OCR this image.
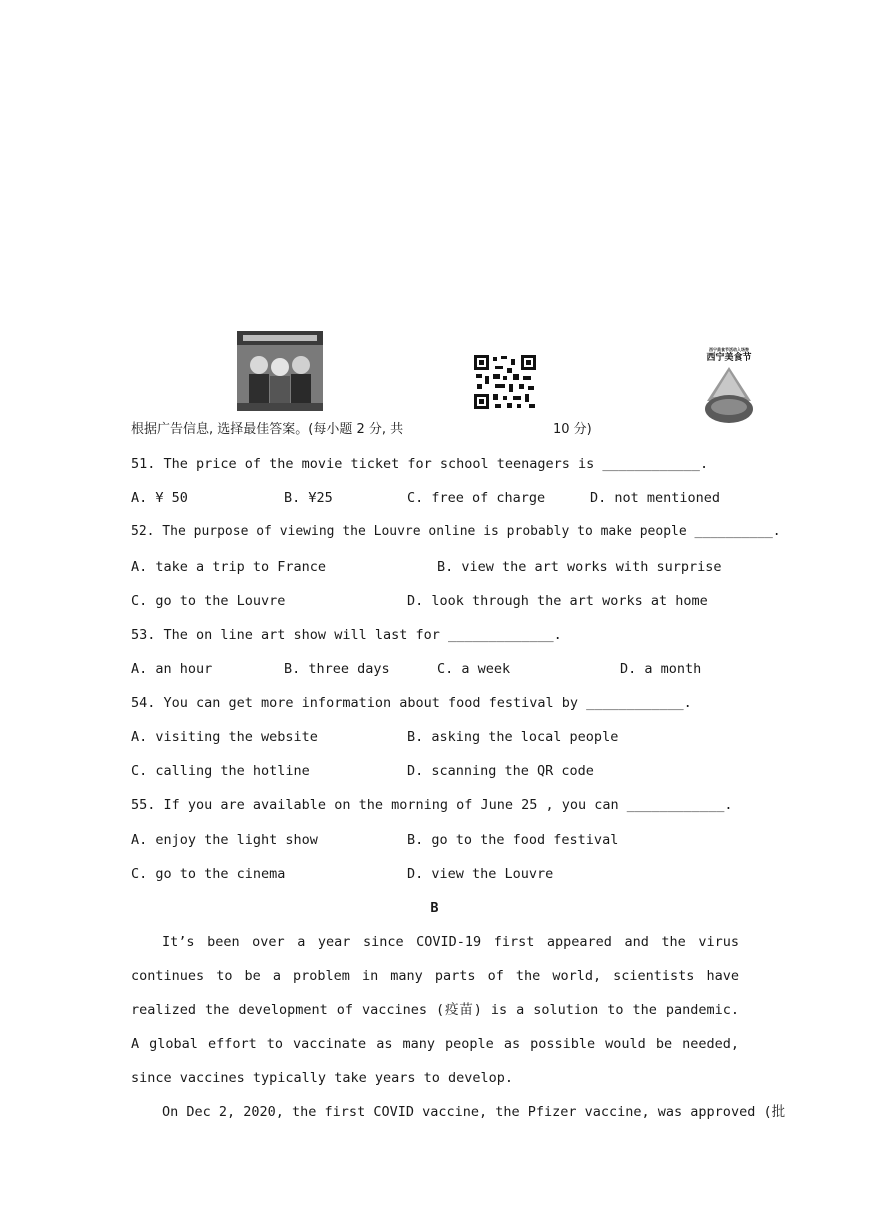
西宁美食节活动入场券
西宁美食节
根据广告信息, 选择最佳答案。(每小题 2 分, 共	10 分)
51. The price of the movie ticket for school teenagers is ____________.
A. ¥ 50	B. ¥25	C. free of charge	D. not mentioned
52. The purpose of viewing the Louvre online is probably to make people __________.
A. take a trip to France	B. view the art works with surprise
C. go to the Louvre	D. look through the art works at home
53. The on line art show will last for _____________.
A. an hour	B. three days	C. a week	D. a month
54. You can get more information about food festival by ____________.
A. visiting the website	B. asking the local people
C. calling the hotline	D. scanning the QR code
55. If you are available on the morning of June 25 , you can ____________.
A. enjoy the light show	B. go to the food festival
C. go to the cinema	D. view the Louvre
B
It’s been over a year since COVID-19 first appeared and the virus continues to be a problem in many parts of the world, scientists have realized the development of vaccines (疫苗) is a solution to the pandemic. A global effort to vaccinate as many people as possible would be needed, since vaccines typically take years to develop.
On Dec 2, 2020, the first COVID vaccine, the Pfizer vaccine, was approved (批
